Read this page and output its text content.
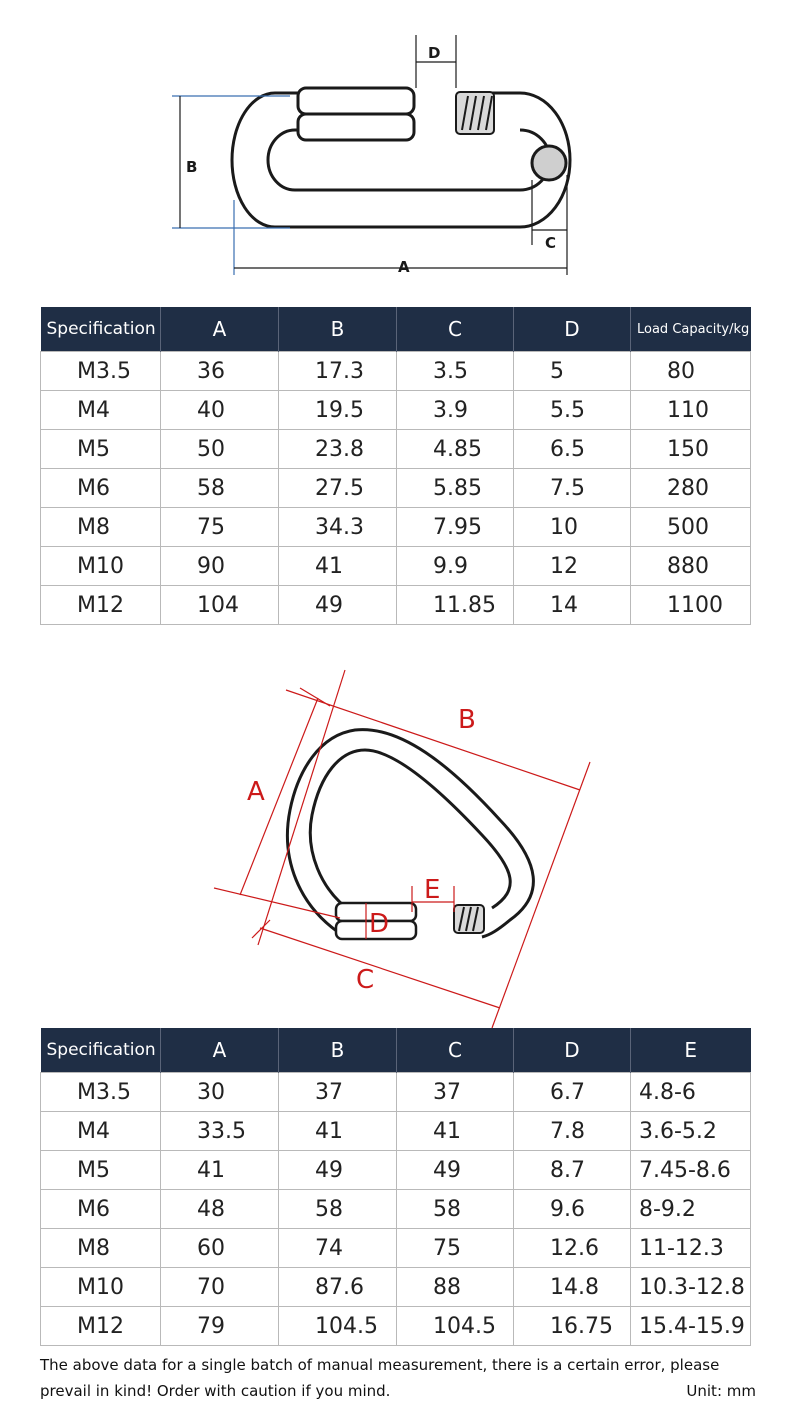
D
B
A
C
Specification	A	B	C	D	Load Capacity/kg
M3.5	36	17.3	3.5	5	80
M4	40	19.5	3.9	5.5	110
M5	50	23.8	4.85	6.5	150
M6	58	27.5	5.85	7.5	280
M8	75	34.3	7.95	10	500
M10	90	41	9.9	12	880
M12	104	49	11.85	14	1100
A
B
C
D
E
Specification	A	B	C	D	E
M3.5	30	37	37	6.7	4.8-6
M4	33.5	41	41	7.8	3.6-5.2
M5	41	49	49	8.7	7.45-8.6
M6	48	58	58	9.6	8-9.2
M8	60	74	75	12.6	11-12.3
M10	70	87.6	88	14.8	10.3-12.8
M12	79	104.5	104.5	16.75	15.4-15.9
The above data for a single batch of manual measurement, there is a certain error, please prevail in kind! Order with caution if you mind.	Unit: mm
